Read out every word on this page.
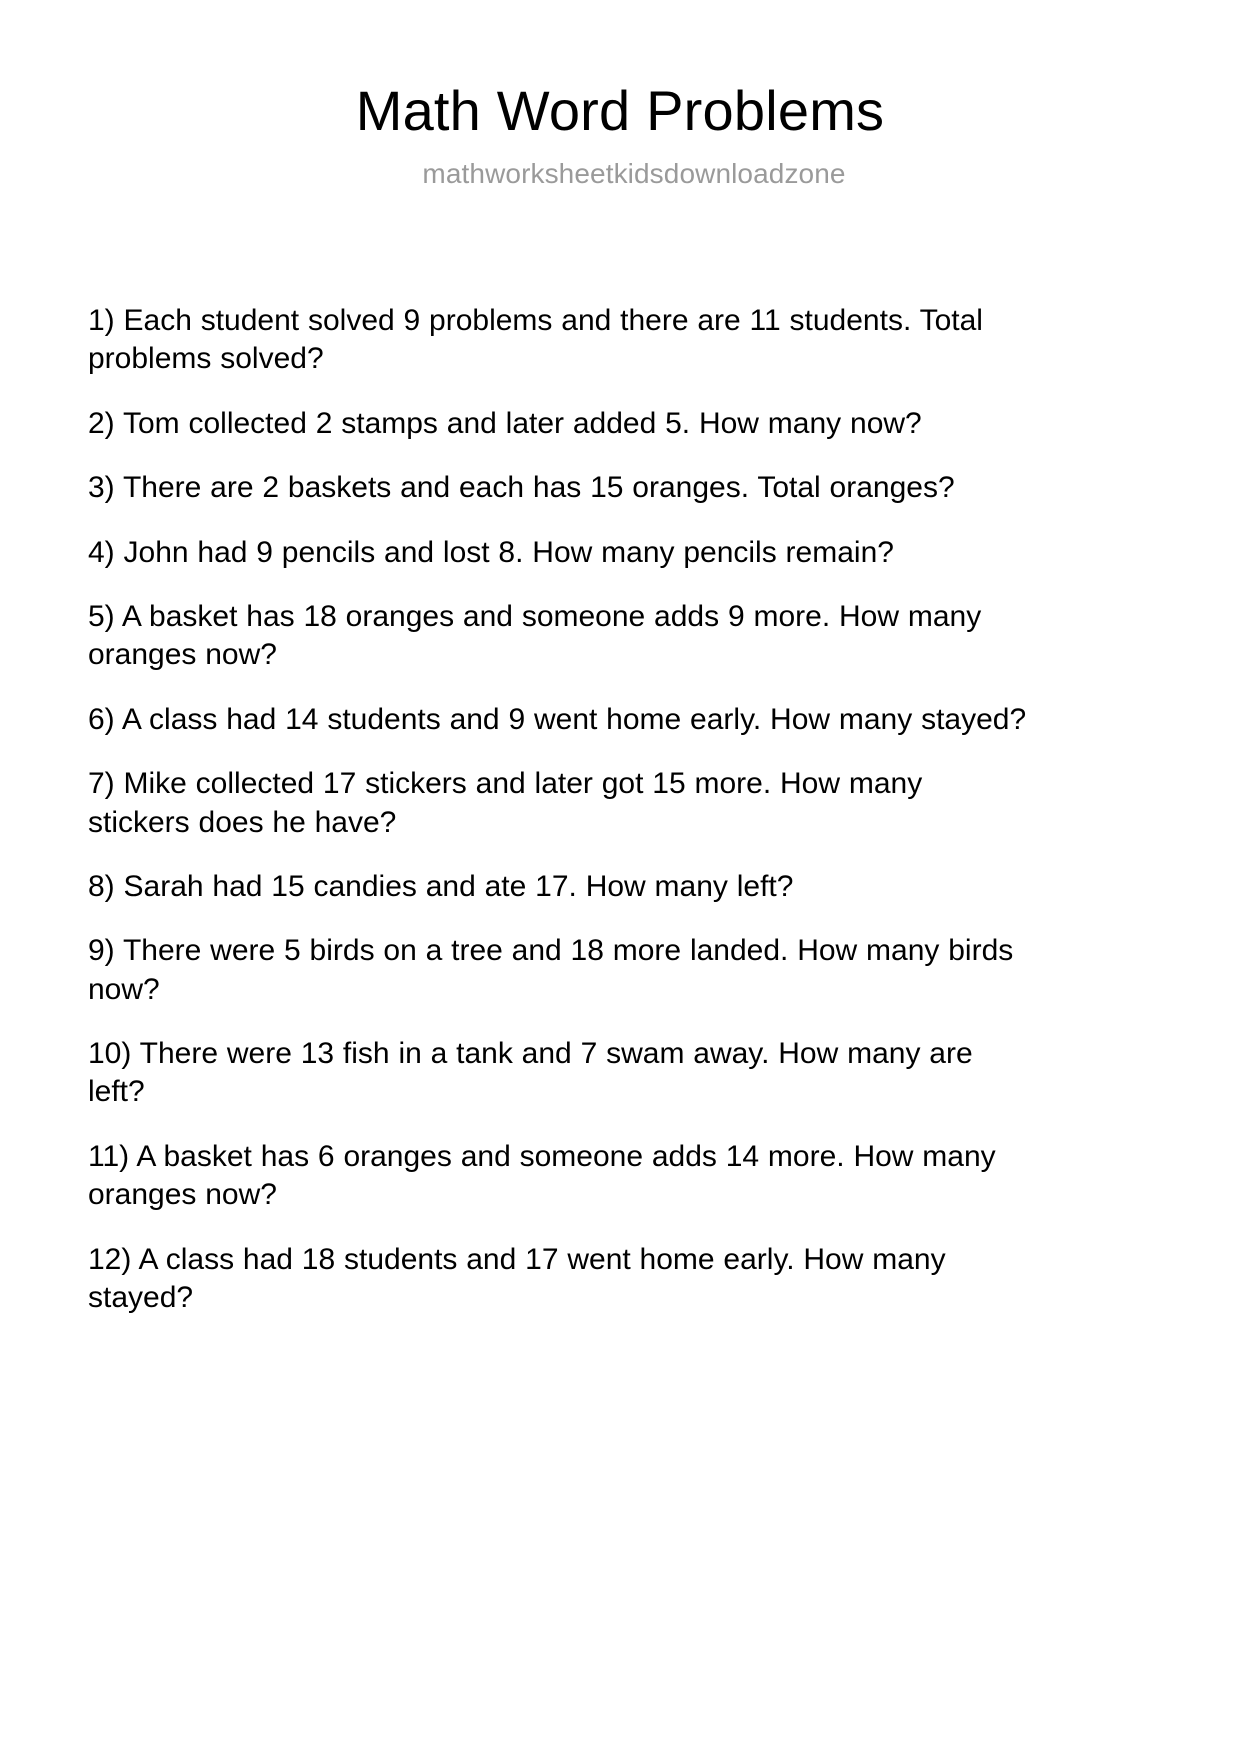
Math Word Problems
mathworksheetkidsdownloadzone
1) Each student solved 9 problems and there are 11 students. Total problems solved?
2) Tom collected 2 stamps and later added 5. How many now?
3) There are 2 baskets and each has 15 oranges. Total oranges?
4) John had 9 pencils and lost 8. How many pencils remain?
5) A basket has 18 oranges and someone adds 9 more. How many oranges now?
6) A class had 14 students and 9 went home early. How many stayed?
7) Mike collected 17 stickers and later got 15 more. How many stickers does he have?
8) Sarah had 15 candies and ate 17. How many left?
9) There were 5 birds on a tree and 18 more landed. How many birds now?
10) There were 13 fish in a tank and 7 swam away. How many are left?
11) A basket has 6 oranges and someone adds 14 more. How many oranges now?
12) A class had 18 students and 17 went home early. How many stayed?
